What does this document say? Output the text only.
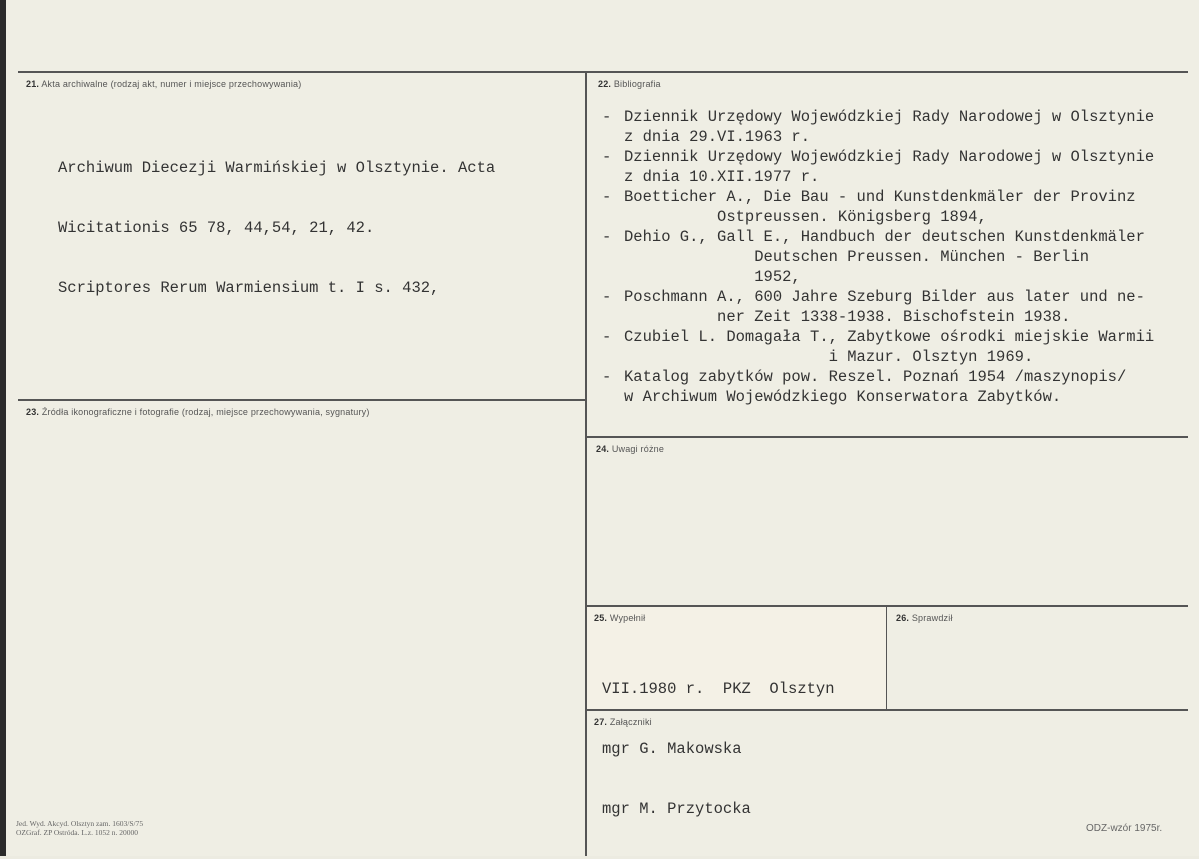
21. Akta archiwalne (rodzaj akt, numer i miejsce przechowywania)

Archiwum Diecezji Warmińskiej w Olsztynie. Acta

Wicitationis 65 78, 44,54, 21, 42.

Scriptores Rerum Warmiensium t. I s. 432,

22. Bibliografia
- Dziennik Urzędowy Wojewódzkiej Rady Narodowej w Olsztynie
z dnia 29.VI.1963 r.
- Dziennik Urzędowy Wojewódzkiej Rady Narodowej w Olsztynie
z dnia 10.XII.1977 r.
- Boetticher A., Die Bau - und Kunstdenkmäler der Provinz
Ostpreussen. Königsberg 1894,
- Dehio G., Gall E., Handbuch der deutschen Kunstdenkmäler
Deutschen Preussen. München - Berlin
1952,
- Poschmann A., 600 Jahre Szeburg Bilder aus later und ne-
ner Zeit 1338-1938. Bischofstein 1938.
- Czubiel L. Domagała T., Zabytkowe ośrodki miejskie Warmii
i Mazur. Olsztyn 1969.
- Katalog zabytków pow. Reszel. Poznań 1954 /maszynopis/
w Archiwum Wojewódzkiego Konserwatora Zabytków.
23. Źródła ikonograficzne i fotografie (rodzaj, miejsce przechowywania, sygnatury)
24. Uwagi różne
25. Wypełnił

VII.1980 r.  PKZ  Olsztyn

mgr G. Makowska

mgr M. Przytocka

26. Sprawdził
27. Załączniki
Jed. Wyd. Akcyd. Olsztyn zam. 1603/S/75
OZGraf. ZP Ostróda. L.z. 1052 n. 20000	ODZ-wzór 1975r.
